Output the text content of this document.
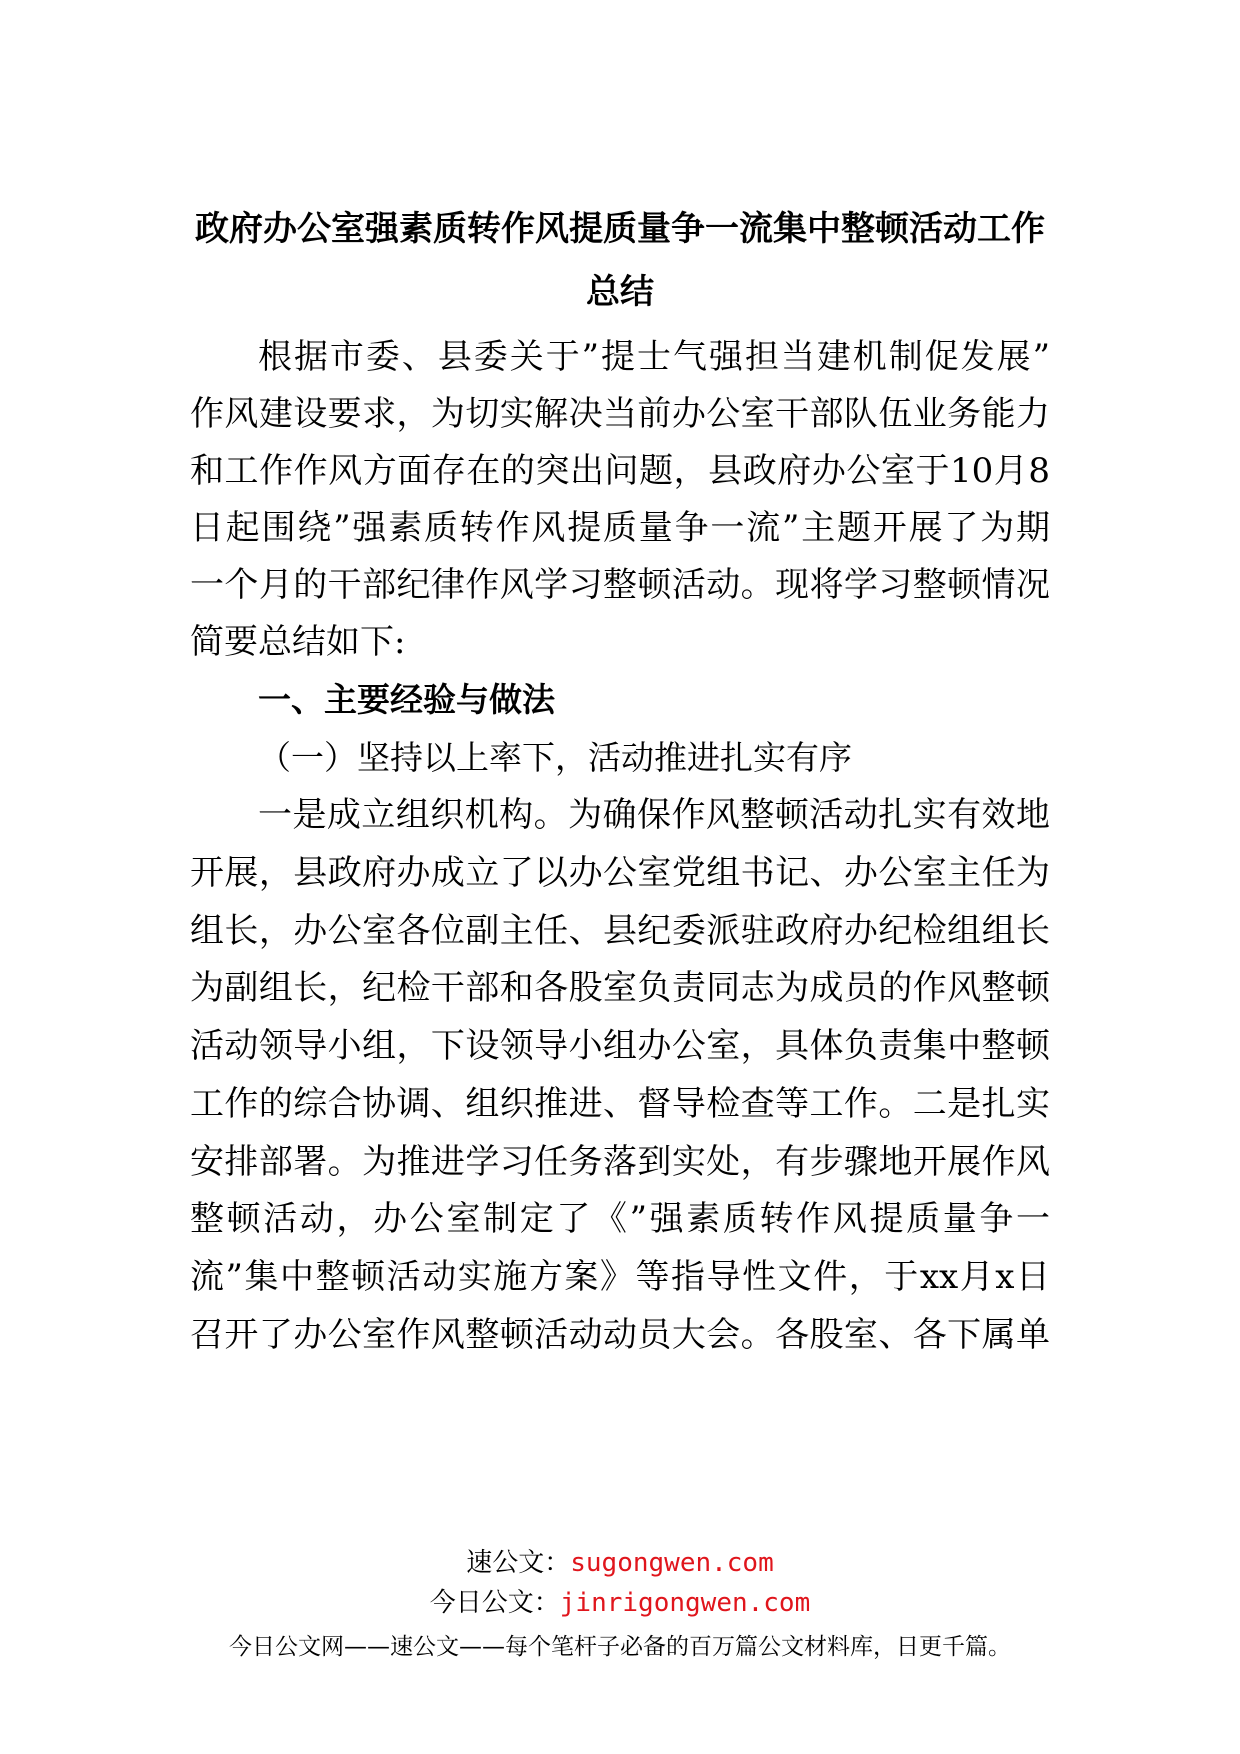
政府办公室强素质转作风提质量争一流集中整顿活动工作
总结
根据市委、县委关于”提士气强担当建机制促发展”
作风建设要求，为切实解决当前办公室干部队伍业务能力
和工作作风方面存在的突出问题，县政府办公室于10月8
日起围绕”强素质转作风提质量争一流”主题开展了为期
一个月的干部纪律作风学习整顿活动。现将学习整顿情况
简要总结如下:
一、主要经验与做法
（一）坚持以上率下，活动推进扎实有序
一是成立组织机构。为确保作风整顿活动扎实有效地
开展，县政府办成立了以办公室党组书记、办公室主任为
组长，办公室各位副主任、县纪委派驻政府办纪检组组长
为副组长，纪检干部和各股室负责同志为成员的作风整顿
活动领导小组，下设领导小组办公室，具体负责集中整顿
工作的综合协调、组织推进、督导检查等工作。二是扎实
安排部署。为推进学习任务落到实处，有步骤地开展作风
整顿活动，办公室制定了《”强素质转作风提质量争一
流”集中整顿活动实施方案》等指导性文件，于xx月x日
召开了办公室作风整顿活动动员大会。各股室、各下属单
速公文：sugongwen.com
今日公文：jinrigongwen.com
今日公文网——速公文——每个笔杆子必备的百万篇公文材料库，日更千篇。
